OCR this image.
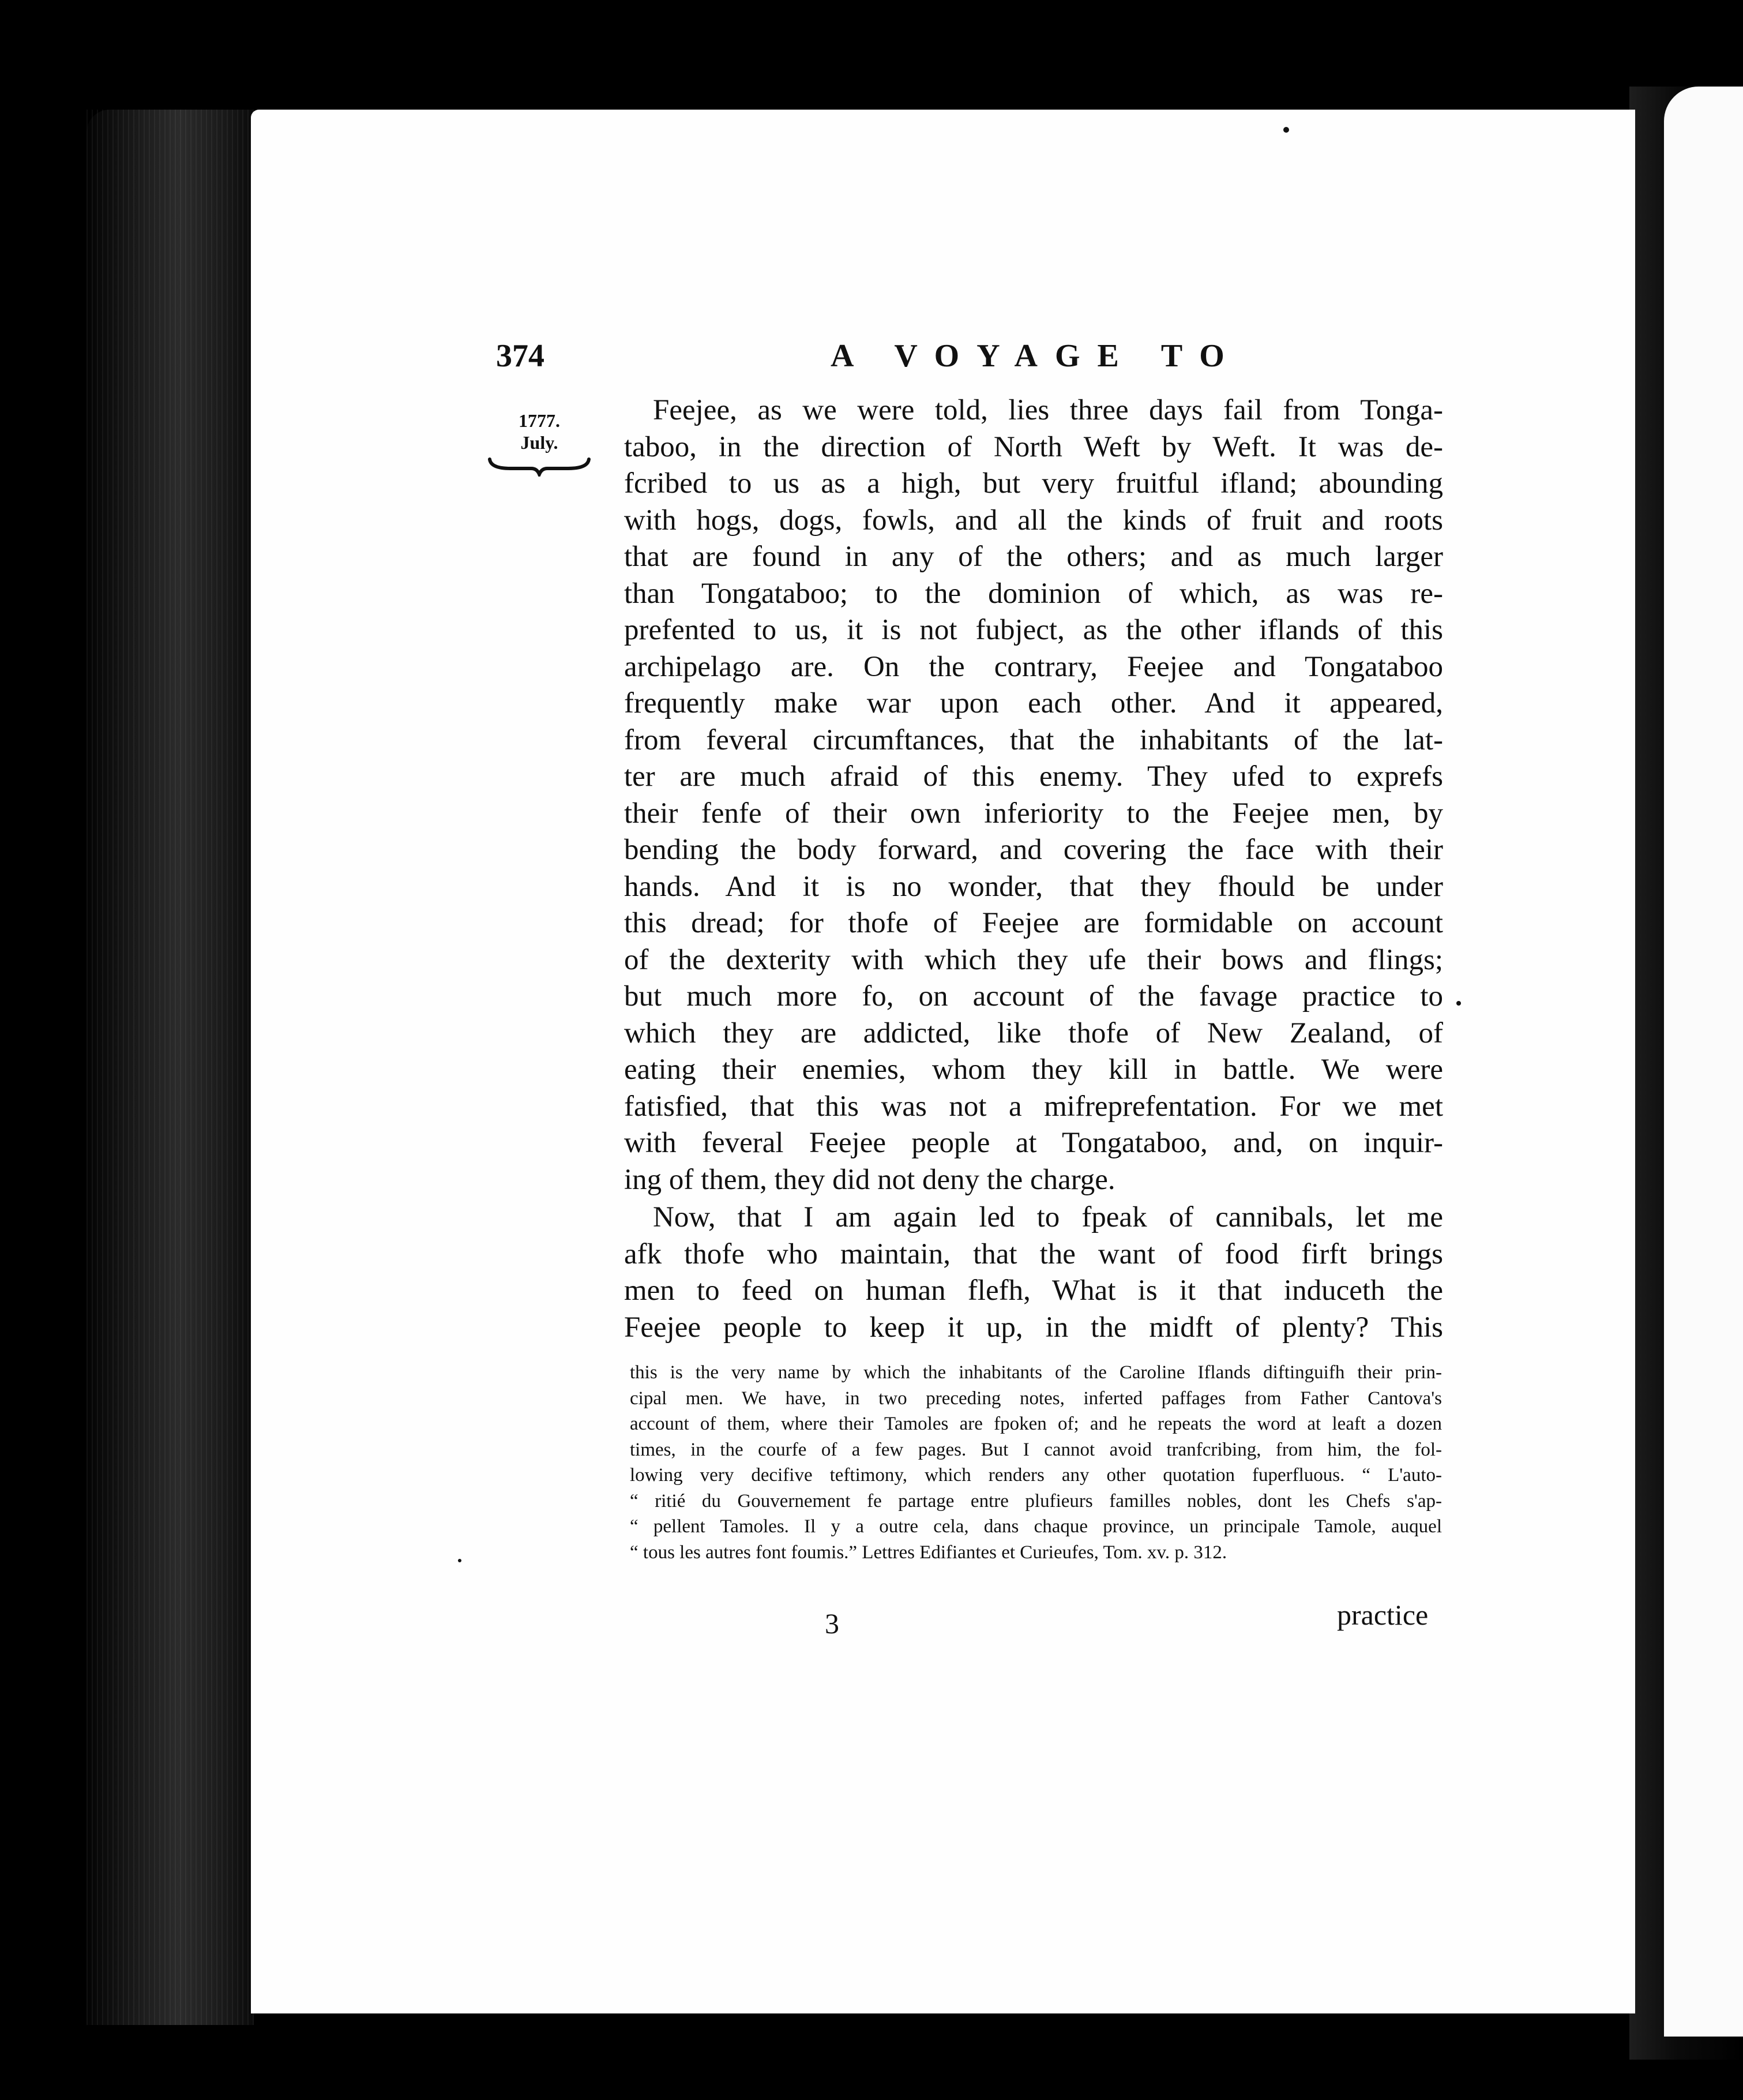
374	A VOYAGE TO
1777.
July.

Feejee, as we were told, lies three days fail from Tonga-

taboo, in the direction of North Weft by Weft. It was de-

fcribed to us as a high, but very fruitful ifland; abounding

with hogs, dogs, fowls, and all the kinds of fruit and roots

that are found in any of the others; and as much larger

than Tongataboo; to the dominion of which, as was re-

prefented to us, it is not fubject, as the other iflands of this

archipelago are. On the contrary, Feejee and Tongataboo

frequently make war upon each other. And it appeared,

from feveral circumftances, that the inhabitants of the lat-

ter are much afraid of this enemy. They ufed to exprefs

their fenfe of their own inferiority to the Feejee men, by

bending the body forward, and covering the face with their

hands. And it is no wonder, that they fhould be under

this dread; for thofe of Feejee are formidable on account

of the dexterity with which they ufe their bows and flings;

but much more fo, on account of the favage practice to

which they are addicted, like thofe of New Zealand, of

eating their enemies, whom they kill in battle. We were

fatisfied, that this was not a mifreprefentation. For we met

with feveral Feejee people at Tongataboo, and, on inquir-

ing of them, they did not deny the charge.

Now, that I am again led to fpeak of cannibals, let me

afk thofe who maintain, that the want of food firft brings

men to feed on human flefh, What is it that induceth the

Feejee people to keep it up, in the midft of plenty? This

this is the very name by which the inhabitants of the Caroline Iflands diftinguifh their prin-

cipal men. We have, in two preceding notes, inferted paffages from Father Cantova's

account of them, where their Tamoles are fpoken of; and he repeats the word at leaft a dozen

times, in the courfe of a few pages. But I cannot avoid tranfcribing, from him, the fol-

lowing very decifive teftimony, which renders any other quotation fuperfluous. “ L'auto-

“ ritié du Gouvernement fe partage entre plufieurs familles nobles, dont les Chefs s'ap-

“ pellent Tamoles. Il y a outre cela, dans chaque province, un principale Tamole, auquel

“ tous les autres font foumis.” Lettres Edifiantes et Curieufes, Tom. xv. p. 312.

3	practice
